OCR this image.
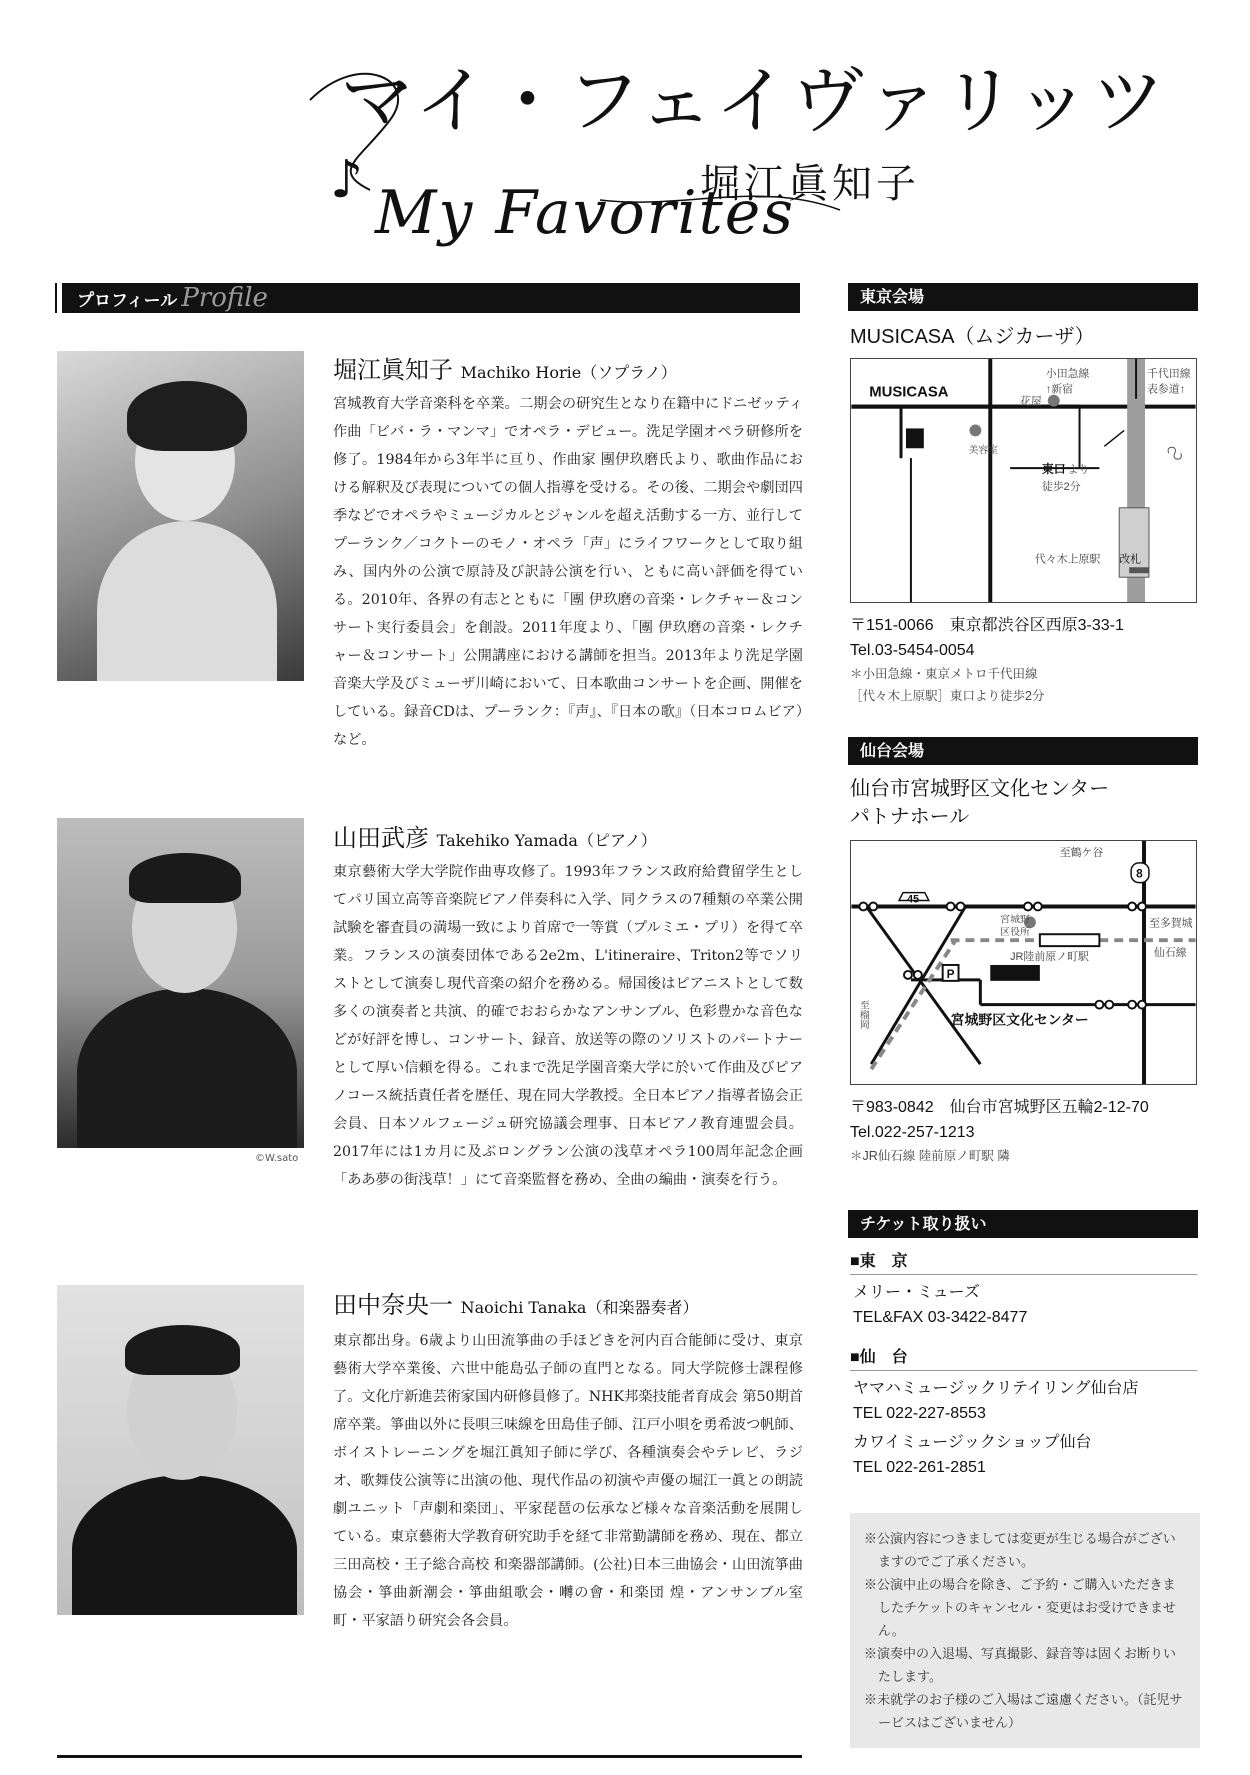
マイ・フェイヴァリッツ
♪	堀江眞知子
My Favorites
プロフィール Profile
堀江眞知子 Machiko Horie（ソプラノ）
宮城教育大学音楽科を卒業。二期会の研究生となり在籍中にドニゼッティ作曲「ビバ・ラ・マンマ」でオペラ・デビュー。洗足学園オペラ研修所を修了。1984年から3年半に亘り、作曲家 團伊玖磨氏より、歌曲作品における解釈及び表現についての個人指導を受ける。その後、二期会や劇団四季などでオペラやミュージカルとジャンルを超え活動する一方、並行してプーランク／コクトーのモノ・オペラ「声」にライフワークとして取り組み、国内外の公演で原詩及び訳詩公演を行い、ともに高い評価を得ている。2010年、各界の有志とともに「團 伊玖磨の音楽・レクチャー＆コンサート実行委員会」を創設。2011年度より、「團 伊玖磨の音楽・レクチャー＆コンサート」公開講座における講師を担当。2013年より洗足学園音楽大学及びミューザ川崎において、日本歌曲コンサートを企画、開催をしている。録音CDは、プーランク：『声』、『日本の歌』（日本コロムビア）など。
©W.sato
山田武彦 Takehiko Yamada（ピアノ）
東京藝術大学大学院作曲専攻修了。1993年フランス政府給費留学生としてパリ国立高等音楽院ピアノ伴奏科に入学、同クラスの7種類の卒業公開試験を審査員の満場一致により首席で一等賞（プルミエ・プリ）を得て卒業。フランスの演奏団体である2e2m、L'itineraire、Triton2等でソリストとして演奏し現代音楽の紹介を務める。帰国後はピアニストとして数多くの演奏者と共演、的確でおおらかなアンサンブル、色彩豊かな音色などが好評を博し、コンサート、録音、放送等の際のソリストのパートナーとして厚い信頼を得る。これまで洗足学園音楽大学に於いて作曲及びピアノコース統括責任者を歴任、現在同大学教授。全日本ピアノ指導者協会正会員、日本ソルフェージュ研究協議会理事、日本ピアノ教育連盟会員。2017年には1カ月に及ぶロングラン公演の浅草オペラ100周年記念企画「ああ夢の街浅草！」にて音楽監督を務め、全曲の編曲・演奏を行う。
田中奈央一 Naoichi Tanaka（和楽器奏者）
東京都出身。6歳より山田流箏曲の手ほどきを河内百合能師に受け、東京藝術大学卒業後、六世中能島弘子師の直門となる。同大学院修士課程修了。文化庁新進芸術家国内研修員修了。NHK邦楽技能者育成会 第50期首席卒業。箏曲以外に長唄三味線を田島佳子師、江戸小唄を勇希波つ帆師、ボイストレーニングを堀江眞知子師に学び、各種演奏会やテレビ、ラジオ、歌舞伎公演等に出演の他、現代作品の初演や声優の堀江一眞との朗読劇ユニット「声劇和楽団」、平家琵琶の伝承など様々な音楽活動を展開している。東京藝術大学教育研究助手を経て非常勤講師を務め、現在、都立三田高校・王子総合高校 和楽器部講師。(公社)日本三曲協会・山田流箏曲協会・箏曲新潮会・箏曲組歌会・囀の會・和楽団 煌・アンサンブル室町・平家語り研究会各会員。
東京会場
MUSICASA（ムジカーザ）
MUSICASA
小田急線
↑新宿
千代田線
表参道↑
花屋
美容室
東口 より
徒歩2分
代々木上原駅 改札
〒151-0066　東京都渋谷区西原3-33-1
Tel.03-5454-0054
＊小田急線・東京メトロ千代田線
［代々木上原駅］東口より徒歩2分
仙台会場
仙台市宮城野区文化センター
パトナホール
8
45
至鶴ケ谷
至多賀城
宮城野
区役所
JR陸前原ノ町駅	仙石線
P
至榴岡	宮城野区文化センター
〒983-0842　仙台市宮城野区五輪2-12-70
Tel.022-257-1213
＊JR仙石線 陸前原ノ町駅 隣
チケット取り扱い
■東　京
メリー・ミューズ
TEL&FAX 03-3422-8477
■仙　台
ヤマハミュージックリテイリング仙台店
TEL 022-227-8553
カワイミュージックショップ仙台
TEL 022-261-2851

※公演内容につきましては変更が生じる場合がございますのでご了承ください。

※公演中止の場合を除き、ご予約・ご購入いただきましたチケットのキャンセル・変更はお受けできません。

※演奏中の入退場、写真撮影、録音等は固くお断りいたします。

※未就学のお子様のご入場はご遠慮ください。（託児サービスはございません）
